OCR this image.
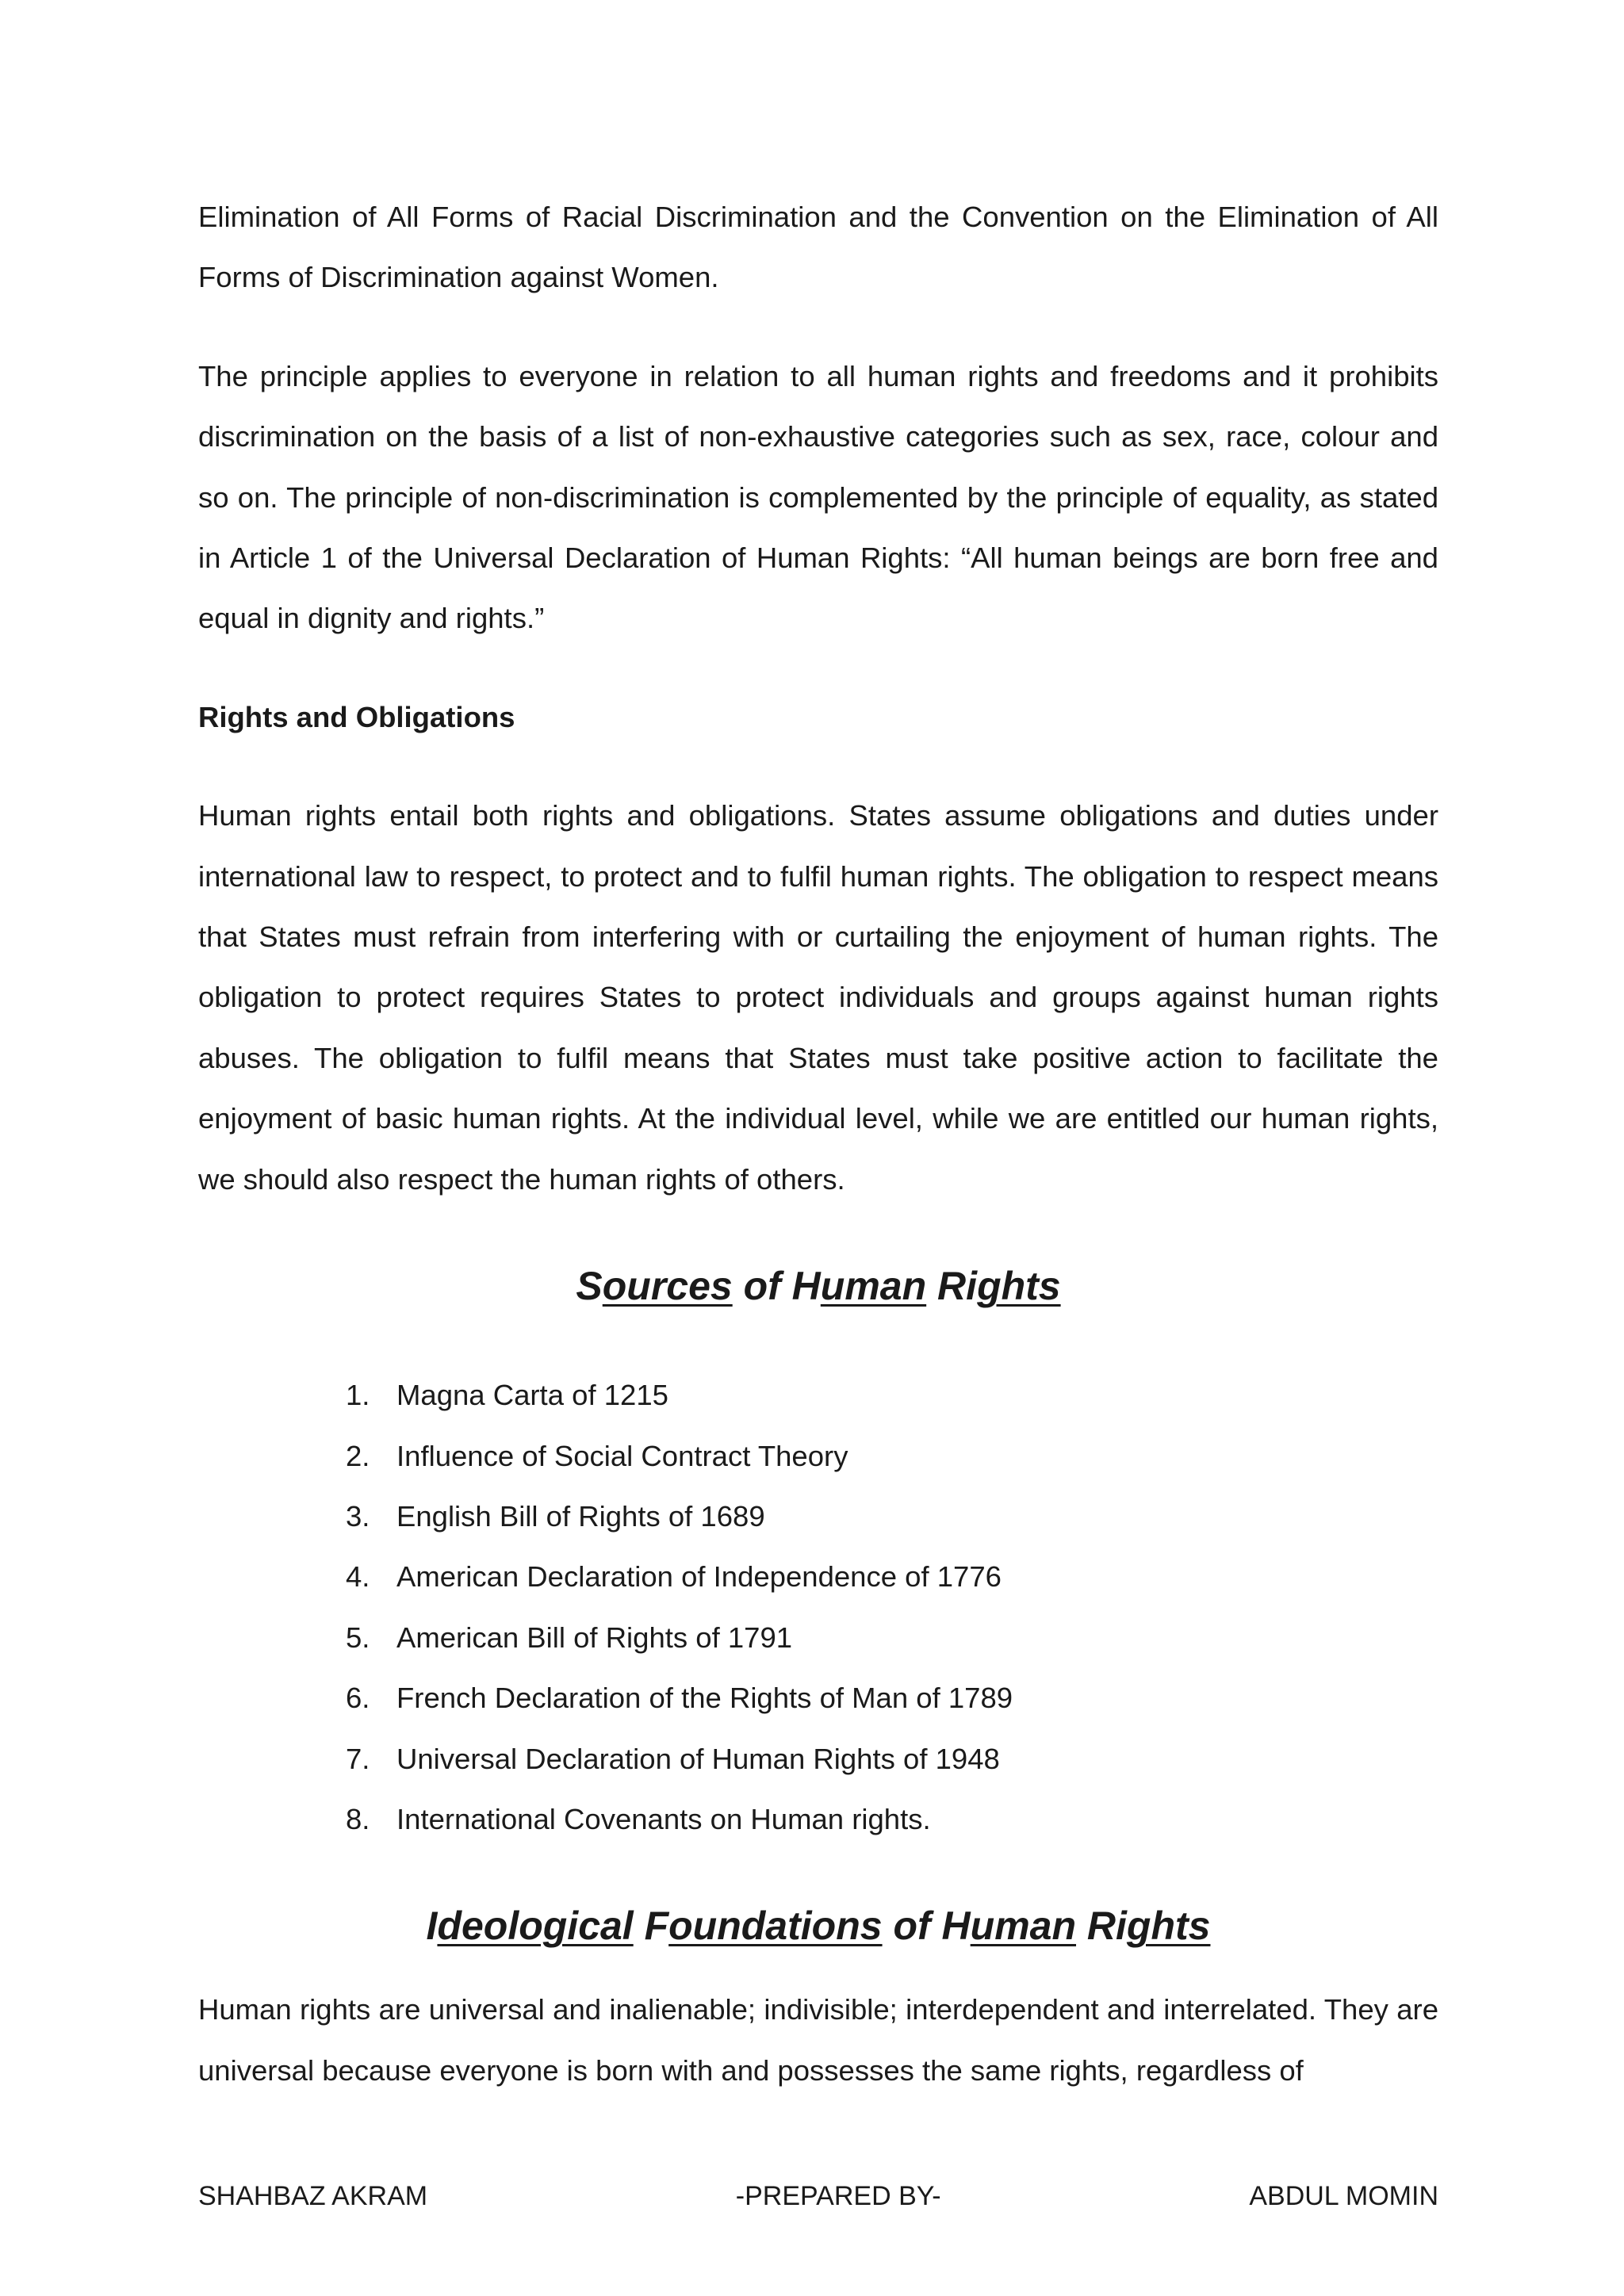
Elimination of All Forms of Racial Discrimination and the Convention on the Elimination of All Forms of Discrimination against Women.

The principle applies to everyone in relation to all human rights and freedoms and it prohibits discrimination on the basis of a list of non-exhaustive categories such as sex, race, colour and so on. The principle of non-discrimination is complemented by the principle of equality, as stated in Article 1 of the Universal Declaration of Human Rights: “All human beings are born free and equal in dignity and rights.”

Rights and Obligations

Human rights entail both rights and obligations. States assume obligations and duties under international law to respect, to protect and to fulfil human rights. The obligation to respect means that States must refrain from interfering with or curtailing the enjoyment of human rights. The obligation to protect requires States to protect individuals and groups against human rights abuses. The obligation to fulfil means that States must take positive action to facilitate the enjoyment of basic human rights. At the individual level, while we are entitled our human rights, we should also respect the human rights of others.

Sources of Human Rights
1. Magna Carta of 1215
2. Influence of Social Contract Theory
3. English Bill of Rights of 1689
4. American Declaration of Independence of 1776
5. American Bill of Rights of 1791
6. French Declaration of the Rights of Man of 1789
7. Universal Declaration of Human Rights of 1948
8. International Covenants on Human rights.
Ideological Foundations of Human Rights

Human rights are universal and inalienable; indivisible; interdependent and interrelated. They are universal because everyone is born with and possesses the same rights, regardless of

SHAHBAZ AKRAM	-PREPARED BY-	ABDUL MOMIN
